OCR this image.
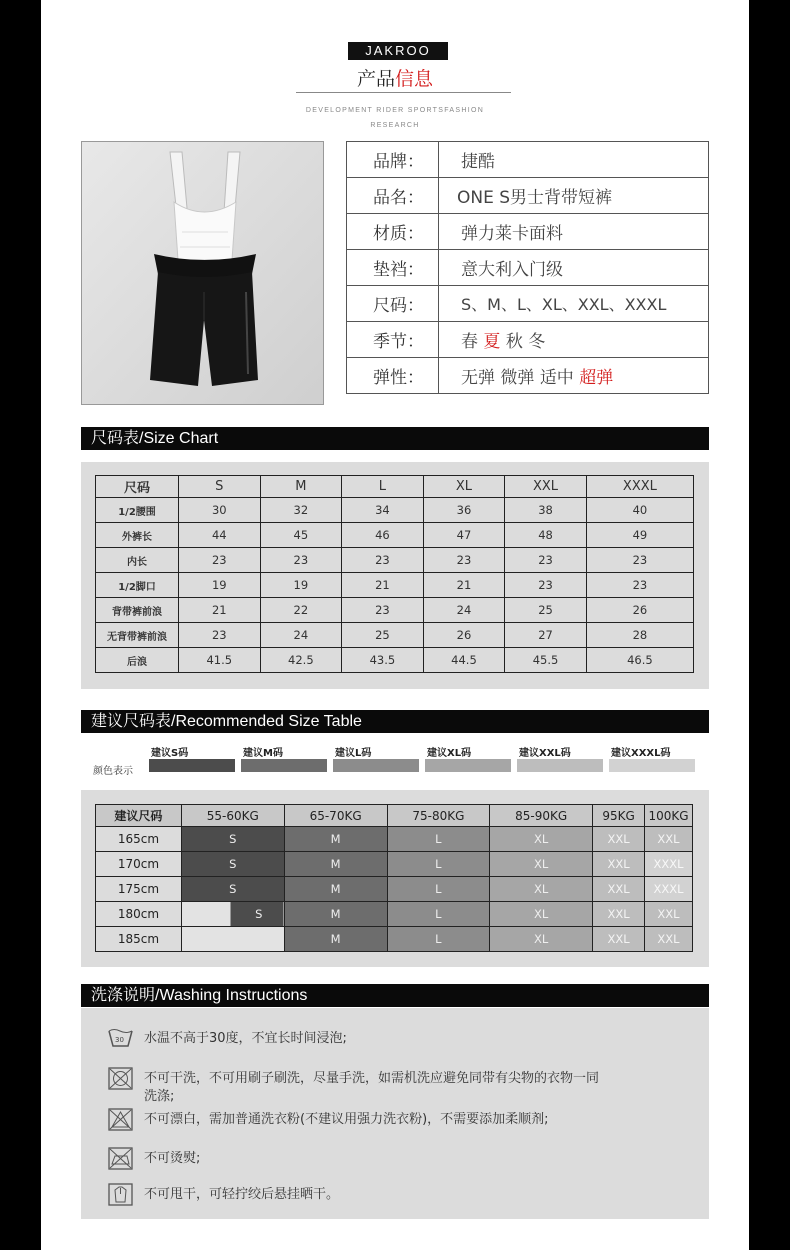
JAKROO
产品信息
DEVELOPMENT RIDER SPORTSFASHION RESEARCH
品牌：	捷酷
品名：	ONE S男士背带短裤
材质：	弹力莱卡面料
垫裆：	意大利入门级
尺码：	S、M、L、XL、XXL、XXXL
季节：	春 夏 秋 冬
弹性：	无弹 微弹 适中 超弹
尺码表/Size Chart
尺码	S	M	L	XL	XXL	XXXL
1/2腰围	30	32	34	36	38	40
外裤长	44	45	46	47	48	49
内长	23	23	23	23	23	23
1/2脚口	19	19	21	21	23	23
背带裤前浪	21	22	23	24	25	26
无背带裤前浪	23	24	25	26	27	28
后浪	41.5	42.5	43.5	44.5	45.5	46.5
建议尺码表/Recommended Size Table
颜色表示
建议S码	建议M码	建议L码	建议XL码	建议XXL码	建议XXXL码
建议尺码	55-60KG	65-70KG	75-80KG	85-90KG	95KG	100KG
165cm	S	M	L	XL	XXL	XXL
170cm	S	M	L	XL	XXL	XXXL
175cm	S	M	L	XL	XXL	XXXL
180cm	S	M	L	XL	XXL	XXL
185cm		M	L	XL	XXL	XXL
洗涤说明/Washing Instructions
30 水温不高于30度，不宜长时间浸泡;
不可干洗，不可用刷子刷洗，尽量手洗，如需机洗应避免同带有尖物的衣物一同洗涤;
不可漂白，需加普通洗衣粉(不建议用强力洗衣粉)，不需要添加柔顺剂;
不可烫熨;
不可甩干，可轻拧绞后悬挂晒干。
